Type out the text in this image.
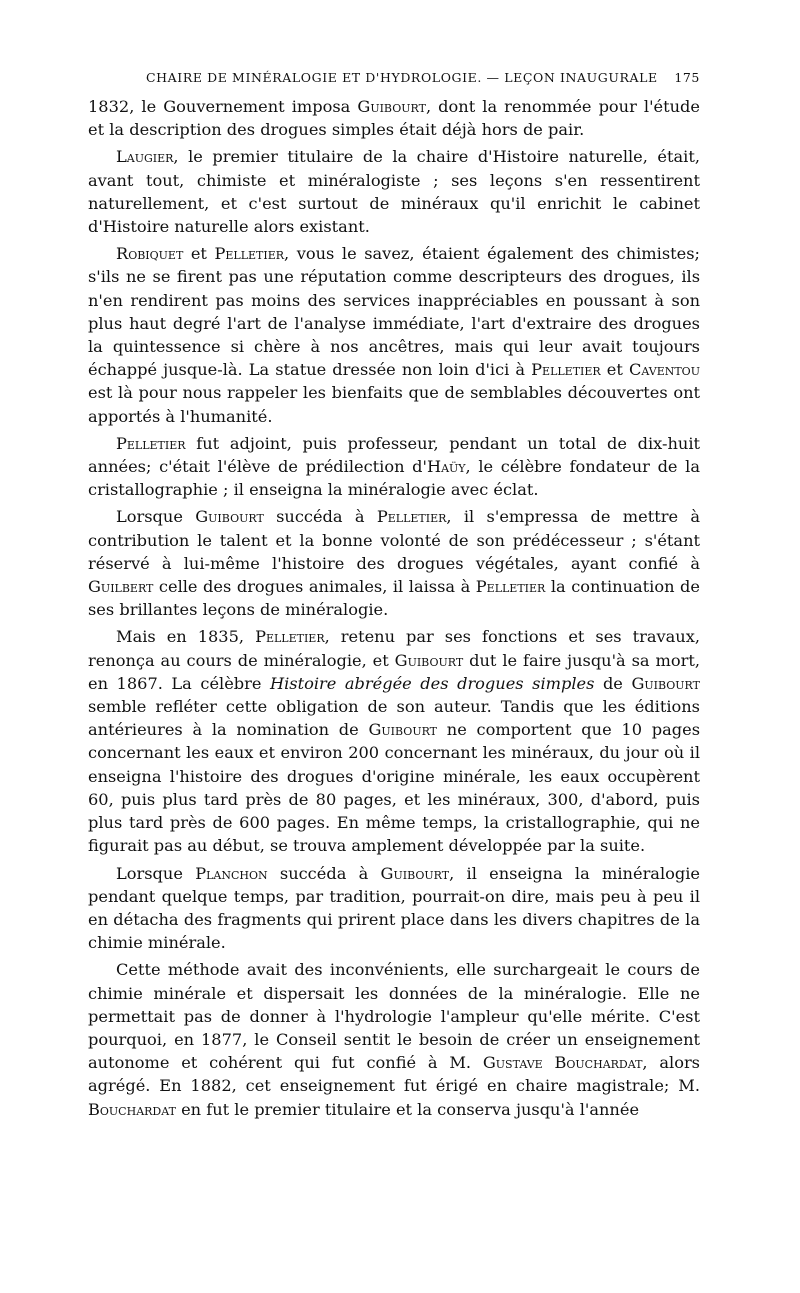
CHAIRE DE MINÉRALOGIE ET D'HYDROLOGIE. — LEÇON INAUGURALE 175

1832, le Gouvernement imposa Guibourt, dont la renommée pour l'étude et la description des drogues simples était déjà hors de pair.

Laugier, le premier titulaire de la chaire d'Histoire naturelle, était, avant tout, chimiste et minéralogiste ; ses leçons s'en ressentirent naturellement, et c'est surtout de minéraux qu'il enrichit le cabinet d'Histoire naturelle alors existant.

Robiquet et Pelletier, vous le savez, étaient également des chimistes; s'ils ne se firent pas une réputation comme descripteurs des drogues, ils n'en rendirent pas moins des services inappréciables en poussant à son plus haut degré l'art de l'analyse immédiate, l'art d'extraire des drogues la quintessence si chère à nos ancêtres, mais qui leur avait toujours échappé jusque-là. La statue dressée non loin d'ici à Pelletier et Caventou est là pour nous rappeler les bienfaits que de semblables découvertes ont apportés à l'humanité.

Pelletier fut adjoint, puis professeur, pendant un total de dix-huit années; c'était l'élève de prédilection d'Haüy, le célèbre fondateur de la cristallographie ; il enseigna la minéralogie avec éclat.

Lorsque Guibourt succéda à Pelletier, il s'empressa de mettre à contribution le talent et la bonne volonté de son prédécesseur ; s'étant réservé à lui-même l'histoire des drogues végétales, ayant confié à Guilbert celle des drogues animales, il laissa à Pelletier la continuation de ses brillantes leçons de minéralogie.

Mais en 1835, Pelletier, retenu par ses fonctions et ses travaux, renonça au cours de minéralogie, et Guibourt dut le faire jusqu'à sa mort, en 1867. La célèbre Histoire abrégée des drogues simples de Guibourt semble refléter cette obligation de son auteur. Tandis que les éditions antérieures à la nomination de Guibourt ne comportent que 10 pages concernant les eaux et environ 200 concernant les minéraux, du jour où il enseigna l'histoire des drogues d'origine minérale, les eaux occupèrent 60, puis plus tard près de 80 pages, et les minéraux, 300, d'abord, puis plus tard près de 600 pages. En même temps, la cristallographie, qui ne figurait pas au début, se trouva amplement développée par la suite.

Lorsque Planchon succéda à Guibourt, il enseigna la minéralogie pendant quelque temps, par tradition, pourrait-on dire, mais peu à peu il en détacha des fragments qui prirent place dans les divers chapitres de la chimie minérale.

Cette méthode avait des inconvénients, elle surchargeait le cours de chimie minérale et dispersait les données de la minéralogie. Elle ne permettait pas de donner à l'hydrologie l'ampleur qu'elle mérite. C'est pourquoi, en 1877, le Conseil sentit le besoin de créer un enseignement autonome et cohérent qui fut confié à M. Gustave Bouchardat, alors agrégé. En 1882, cet enseignement fut érigé en chaire magistrale; M. Bouchardat en fut le premier titulaire et la conserva jusqu'à l'année
